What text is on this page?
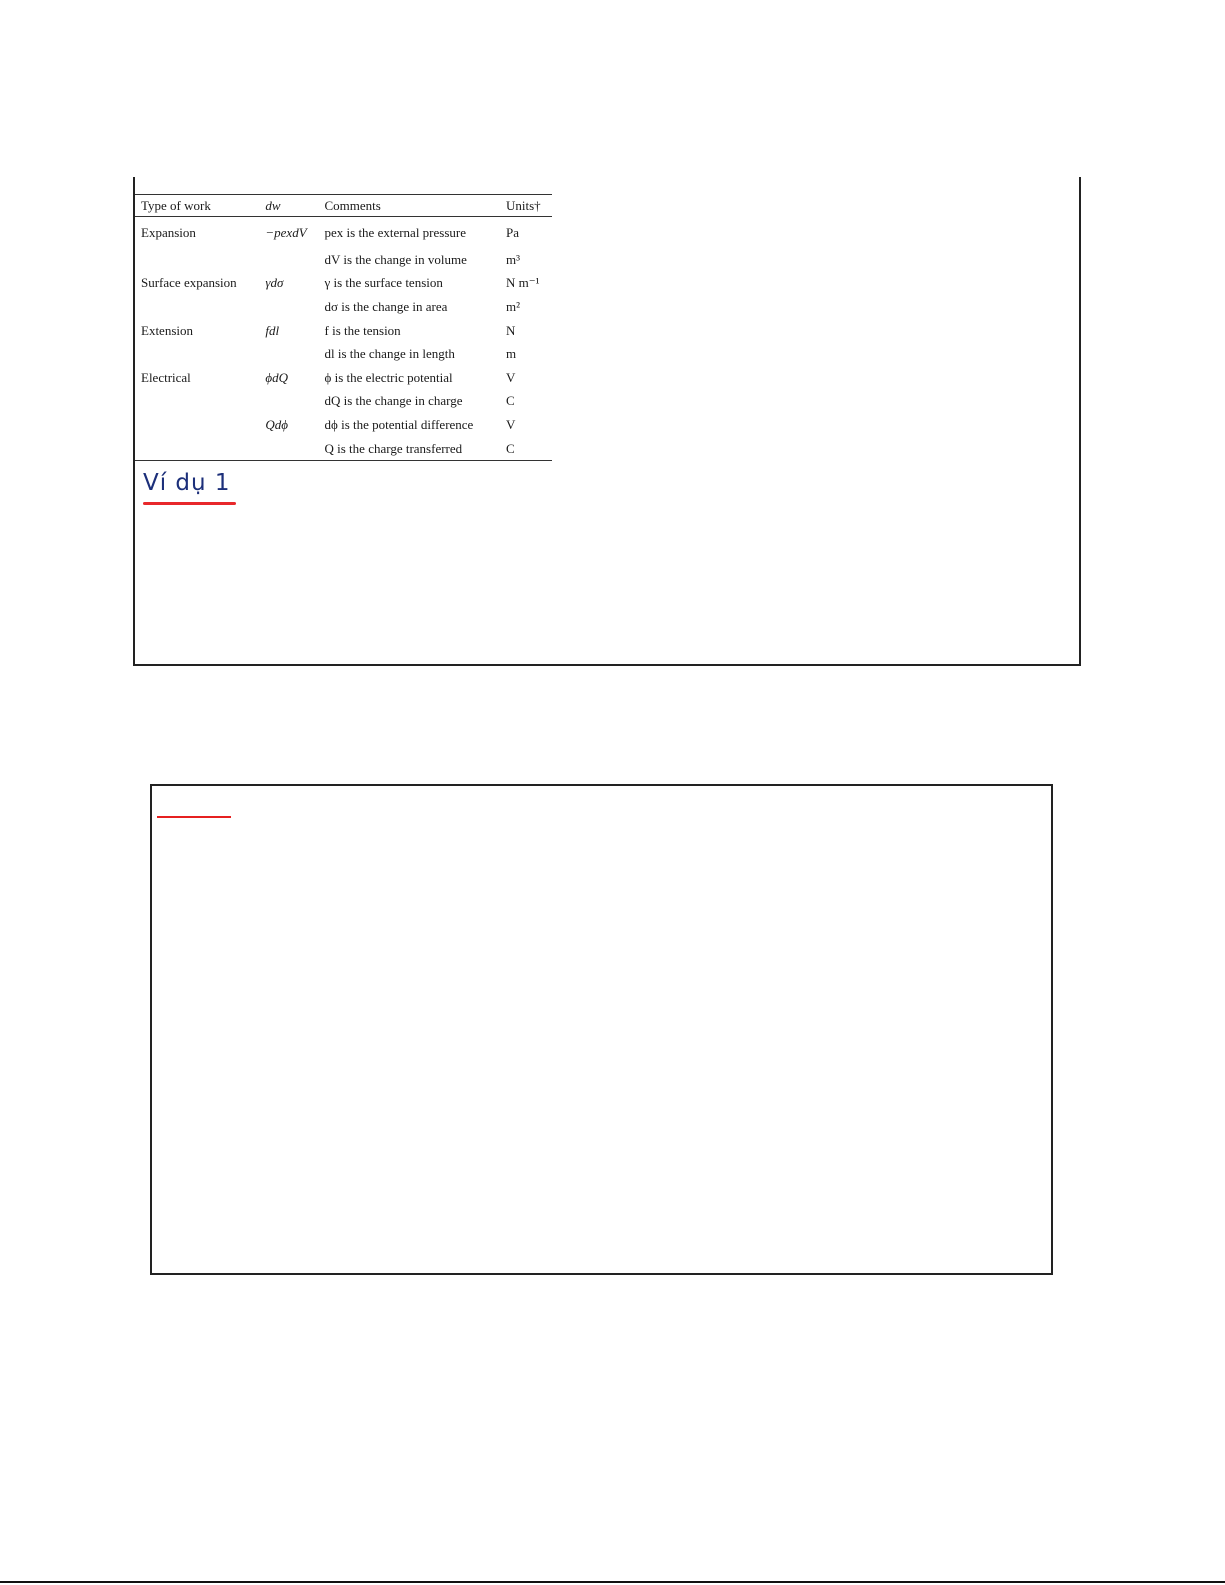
Type of work	dw	Comments	Units†
Expansion	−pexdV	pex is the external pressure	Pa
		dV is the change in volume	m³
Surface expansion	γdσ	γ is the surface tension	N m⁻¹
		dσ is the change in area	m²
Extension	fdl	f is the tension	N
		dl is the change in length	m
Electrical	ϕdQ	ϕ is the electric potential	V
		dQ is the change in charge	C
	Qdϕ	dϕ is the potential difference	V
		Q is the charge transferred	C
Ví dụ 1
